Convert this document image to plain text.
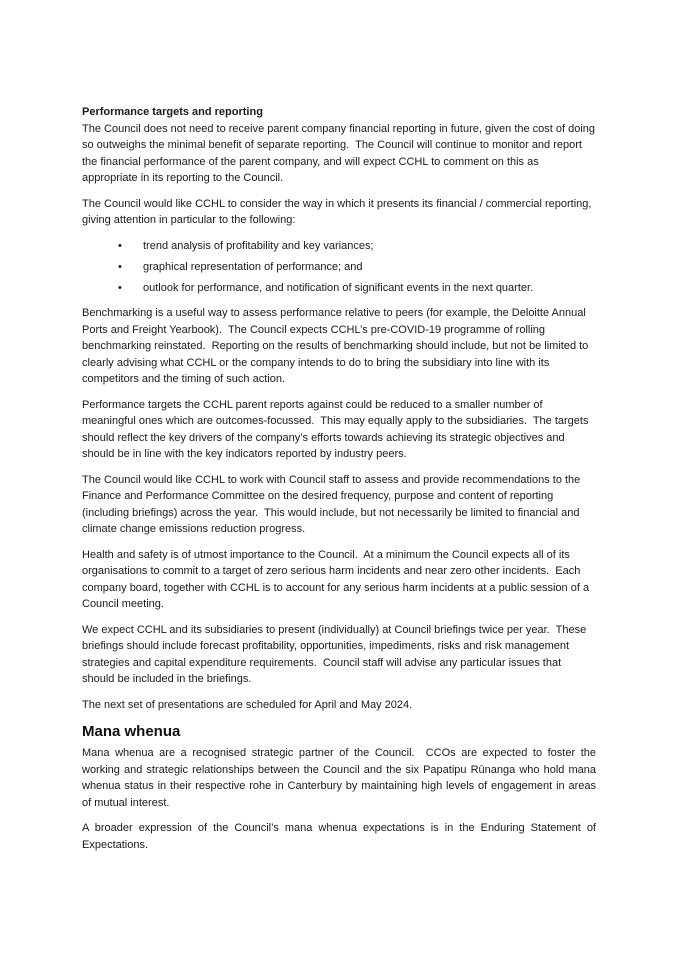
Performance targets and reporting

The Council does not need to receive parent company financial reporting in future, given the cost of doing so outweighs the minimal benefit of separate reporting.  The Council will continue to monitor and report the financial performance of the parent company, and will expect CCHL to comment on this as appropriate in its reporting to the Council.

The Council would like CCHL to consider the way in which it presents its financial / commercial reporting, giving attention in particular to the following:

•	trend analysis of profitability and key variances;
•	graphical representation of performance; and
•	outlook for performance, and notification of significant events in the next quarter.

Benchmarking is a useful way to assess performance relative to peers (for example, the Deloitte Annual Ports and Freight Yearbook).  The Council expects CCHL’s pre-COVID-19 programme of rolling benchmarking reinstated.  Reporting on the results of benchmarking should include, but not be limited to clearly advising what CCHL or the company intends to do to bring the subsidiary into line with its competitors and the timing of such action.

Performance targets the CCHL parent reports against could be reduced to a smaller number of meaningful ones which are outcomes-focussed.  This may equally apply to the subsidiaries.  The targets should reflect the key drivers of the company’s efforts towards achieving its strategic objectives and should be in line with the key indicators reported by industry peers.

The Council would like CCHL to work with Council staff to assess and provide recommendations to the Finance and Performance Committee on the desired frequency, purpose and content of reporting (including briefings) across the year.  This would include, but not necessarily be limited to financial and climate change emissions reduction progress.

Health and safety is of utmost importance to the Council.  At a minimum the Council expects all of its organisations to commit to a target of zero serious harm incidents and near zero other incidents.  Each company board, together with CCHL is to account for any serious harm incidents at a public session of a Council meeting.

We expect CCHL and its subsidiaries to present (individually) at Council briefings twice per year.  These briefings should include forecast profitability, opportunities, impediments, risks and risk management strategies and capital expenditure requirements.  Council staff will advise any particular issues that should be included in the briefings.

The next set of presentations are scheduled for April and May 2024.

Mana whenua

Mana whenua are a recognised strategic partner of the Council.  CCOs are expected to foster the working and strategic relationships between the Council and the six Papatipu Rūnanga who hold mana whenua status in their respective rohe in Canterbury by maintaining high levels of engagement in areas of mutual interest.

A broader expression of the Council’s mana whenua expectations is in the Enduring Statement of Expectations.
